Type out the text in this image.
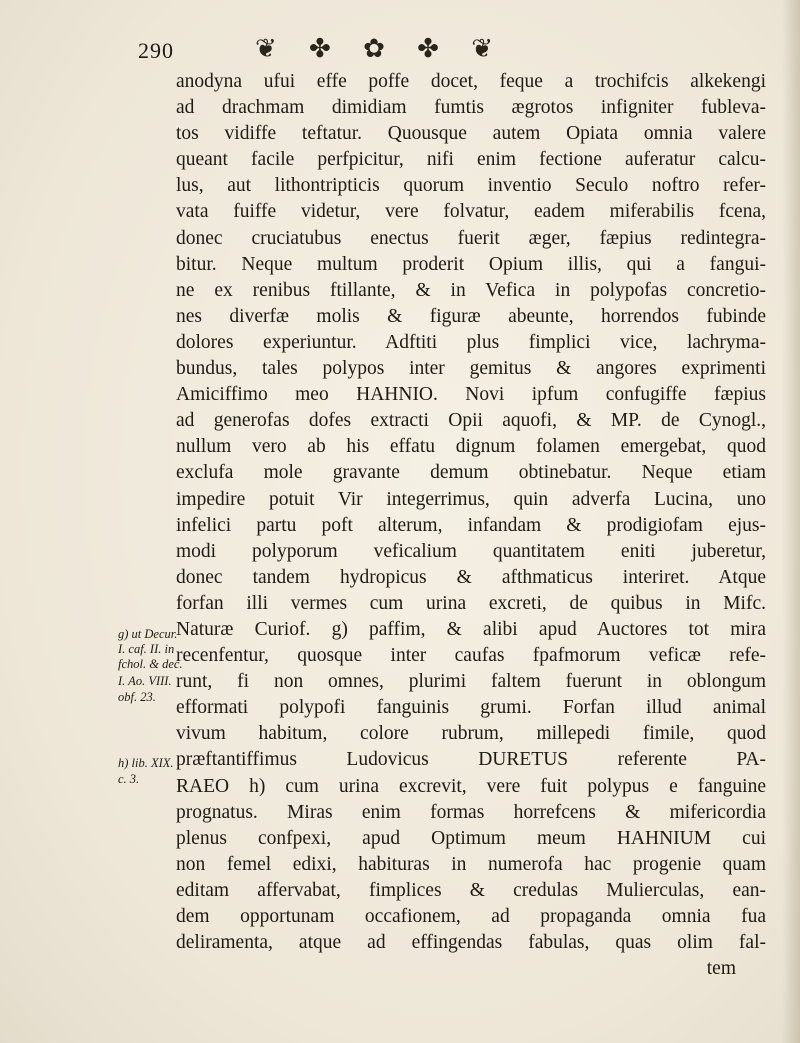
290	❦ ✤ ✿ ✤ ❦
g) ut Decur.
I. caf. II. in
fchol. & dec.
I. Ao. VIII.
obf. 23.
h) lib. XIX.
c. 3.
anodyna ufui effe poffe docet, feque a trochifcis alkekengi
ad drachmam dimidiam fumtis ægrotos infigniter fubleva-
tos vidiffe teftatur. Quousque autem Opiata omnia valere
queant facile perfpicitur, nifi enim fectione auferatur calcu-
lus, aut lithontripticis quorum inventio Seculo noftro refer-
vata fuiffe videtur, vere folvatur, eadem miferabilis fcena,
donec cruciatubus enectus fuerit æger, fæpius redintegra-
bitur. Neque multum proderit Opium illis, qui a fangui-
ne ex renibus ftillante, & in Vefica in polypofas concretio-
nes diverfæ molis & figuræ abeunte, horrendos fubinde
dolores experiuntur. Adftiti plus fimplici vice, lachryma-
bundus, tales polypos inter gemitus & angores exprimenti
Amiciffimo meo HAHNIO. Novi ipfum confugiffe fæpius
ad generofas dofes extracti Opii aquofi, & MP. de Cynogl.,
nullum vero ab his effatu dignum folamen emergebat, quod
exclufa mole gravante demum obtinebatur. Neque etiam
impedire potuit Vir integerrimus, quin adverfa Lucina, uno
infelici partu poft alterum, infandam & prodigiofam ejus-
modi polyporum veficalium quantitatem eniti juberetur,
donec tandem hydropicus & afthmaticus interiret. Atque
forfan illi vermes cum urina excreti, de quibus in Mifc.
Naturæ Curiof. g) paffim, & alibi apud Auctores tot mira
recenfentur, quosque inter caufas fpafmorum veficæ refe-
runt, fi non omnes, plurimi faltem fuerunt in oblongum
efformati polypofi fanguinis grumi. Forfan illud animal
vivum habitum, colore rubrum, millepedi fimile, quod
præftantiffimus Ludovicus DURETUS referente PA-
RAEO h) cum urina excrevit, vere fuit polypus e fanguine
prognatus. Miras enim formas horrefcens & mifericordia
plenus confpexi, apud Optimum meum HAHNIUM cui
non femel edixi, habituras in numerofa hac progenie quam
editam affervabat, fimplices & credulas Mulierculas, ean-
dem opportunam occafionem, ad propaganda omnia fua
deliramenta, atque ad effingendas fabulas, quas olim fal-
tem
